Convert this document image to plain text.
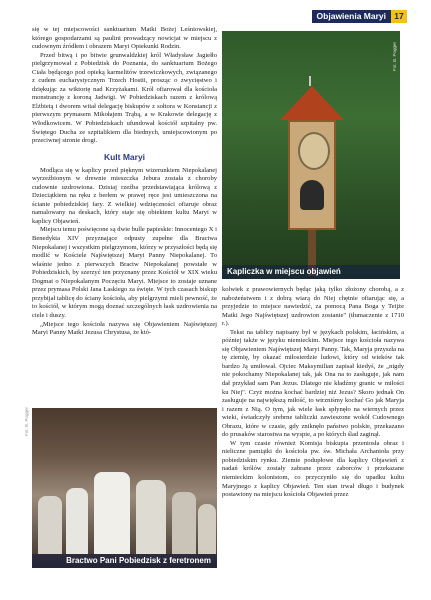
Objawienia Maryi 17

się w tej miejscowości sanktuarium Matki Bożej Leśniowskiej, którego gospodarzami są paulini prowadzący nowicjat w miejscu z cudownym źródłem i obrazem Maryi Opiekunki Rodzin.

Przed bitwą i po bitwie grunwaldzkiej król Władysław Jagiełło pielgrzymował z Pobiedzisk do Poznania, do sanktuarium Bożego Ciała będącego pod opieką karmelitów trzewiczkowych, związanego z cudem eucharystycznym Trzech Hostii, prosząc o zwycięstwo i dziękując za wiktorię nad Krzyżakami. Król ofiarował dla kościoła monstrancję z koroną Jadwigi. W Pobiedziskach razem z królową Elżbietą i dworem witał delegację biskupów z sołtora w Konstancji z pierwszym prymasem Mikołajem Trąbą, a w Krakowie delegację z Włodkowicem. W Pobiedziskach ufundował kościół szpitalny pw. Świętego Ducha ze szpitalikiem dla biednych, umiejscowionym po przeciwnej stronie drogi.

Kult Maryi

Modląca się w kaplicy przed pięknym wizerunkiem Niepokalanej wyrzeźbionym w drewnie mieszczka Jebura została z choroby cudownie uzdrowiona. Dzisiaj rzeźba przedstawiająca królową z Dzieciątkiem na ręku z berłem w prawej ręce jest umieszczona na ścianie pobiedziskiej fary. Z wielkiej wdzięczności ofiaruje obraz namalowany na deskach, który staje się obiektem kultu Maryi w kaplicy Objawień.

Miejscu temu poświęcone są dwie bulle papieskie: Innocentego X i Benedykta XIV przyznające odpusty zupełne dla Bractwa Niepokalanej i wszystkim pielgrzymom, którzy w przyszłości będą się modlić w Kościele Najświętszej Maryi Panny Niepokalanej. To właśnie jedno z pierwszych Bractw Niepokalanej powstałe w Pobiedziskich, by szerzyć ten przyznany przez Kościół w XIX wieku Dogmat o Niepokalanym Poczęciu Maryi. Miejsce to zostaje uznane przez prymasa Polski Jana Łaskiego za święte. W tych czasach biskup przybijał tablicę do ściany kościoła, aby pielgrzymi mieli pewność, że to kościół, w którym mogą doznać szczególnych łask uzdrowienia na ciele i duszy.

„Miejsce tego kościoła nazywa się Objawieniem Najświętszej Maryi Panny Matki Jezusa Chrystusa, że któ-

Fot. B. Pogger
Kapliczka w miejscu objawień

kolwiek z prawowiernych będąc jaką tylko złożony chorobą, a z nabożeństwem i z dobrą wiarą do Niej chętnie ofiarując się, a przyjedzie to miejsce nawiedzić, za pomocą Pana Boga y Teijże Matki Jego Najświętszej uzdrowion zostanie" (tłumaczenie z 1710 r.).

Tekst na tablicy napisany był w językach polskim, łacińskim, a później także w języku niemieckim. Miejsce tego kościoła nazywa się Objawieniem Najświętszej Maryi Panny. Tak, Maryja przyszła na tę ziemię, by okazać miłosierdzie ludowi, który od wieków tak bardzo Ją umiłował. Ojciec Maksymilian zapisał kiedyś, że „nigdy nie pokochamy Niepokalanej tak, jak Ona na to zasługuje, jak nam dał przykład sam Pan Jezus. Dlatego nie kładźmy granic w miłości ku Niej". Czyż można kochać bardziej niż Jezus? Skoro jednak On zasługuje na największą miłość, to wtrzniśmy kochać Go jak Maryja i razem z Nią. O tym, jak wiele łask spłynęło na wiernych przez wieki, świadczyły srebrne tabliczki zawieszone wokół Cudownego Obrazu, które w czasie, gdy zniknęło państwo polskie, przekazano do prusaków starostwa na wyspie, a po których ślad zaginął.

W tym czasie również Komisja biskupia przeniosła obraz i nieliczne pamiątki do kościoła pw. św. Michała Archanioła przy pobiedziskim rynku. Ziemie podupłowe dla kaplicy Objawień z nadań królów zostały zabrane przez zaborców i przekazane niemieckim kolonistom, co przyczyniło się do upadku kultu Maryjnego z kaplicy Objawień. Ten stan trwał długo i budynek postawiony na miejscu kościoła Objawień przez

Fot. B. Pogger
Bractwo Pani Pobiedzisk z feretronem
